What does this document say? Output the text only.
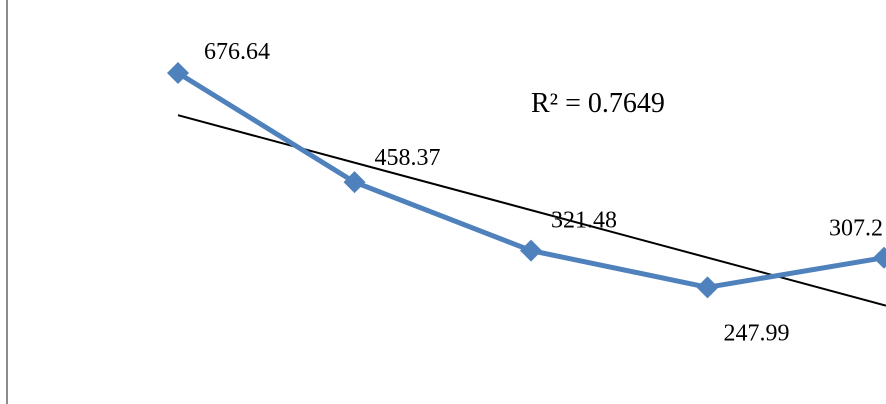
676.64
458.37
321.48
247.99
307.2
R² = 0.7649
